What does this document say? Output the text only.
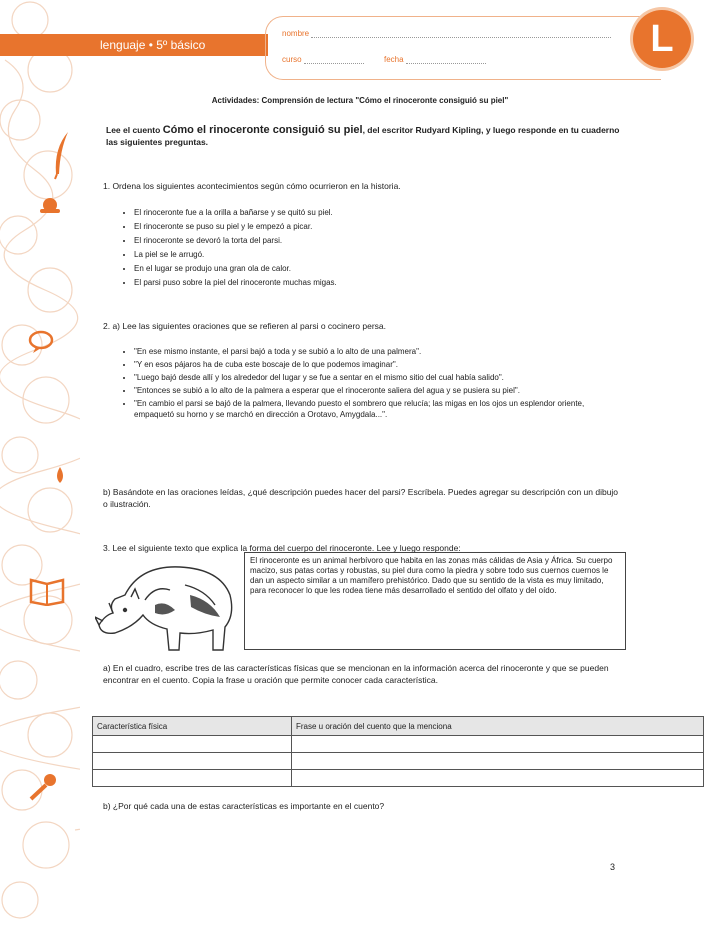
lenguaje • 5º básico
nombre
curso	fecha	L
Actividades: Comprensión de lectura "Cómo el rinoceronte consiguió su piel"
Lee el cuento Cómo el rinoceronte consiguió su piel, del escritor Rudyard Kipling, y luego responde en tu cuaderno las siguientes preguntas.
1. Ordena los siguientes acontecimientos según cómo ocurrieron en la historia.
• El rinoceronte fue a la orilla a bañarse y se quitó su piel.
• El rinoceronte se puso su piel y le empezó a picar.
• El rinoceronte se devoró la torta del parsi.
• La piel se le arrugó.
• En el lugar se produjo una gran ola de calor.
• El parsi puso sobre la piel del rinoceronte muchas migas.
2. a) Lee las siguientes oraciones que se refieren al parsi o cocinero persa.
• "En ese mismo instante, el parsi bajó a toda y se subió a lo alto de una palmera".
• "Y en esos pájaros ha de cuba este boscaje de lo que podemos imaginar".
• "Luego bajó desde allí y los alrededor del lugar y se fue a sentar en el mismo sitio del cual había salido".
• "Entonces se subió a lo alto de la palmera a esperar que el rinoceronte saliera del agua y se pusiera su piel".
• "En cambio el parsi se bajó de la palmera, llevando puesto el sombrero que relucía; las migas en los ojos un esplendor oriente, empaquetó su horno y se marchó en dirección a Orotavo, Amygdala...".
b) Basándote en las oraciones leídas, ¿qué descripción puedes hacer del parsi? Escríbela. Puedes agregar su descripción con un dibujo o ilustración.
3. Lee el siguiente texto que explica la forma del cuerpo del rinoceronte. Lee y luego responde:
El rinoceronte es un animal herbívoro que habita en las zonas más cálidas de Asia y África. Su cuerpo macizo, sus patas cortas y robustas, su piel dura como la piedra y sobre todo sus cuernos cuernos le dan un aspecto similar a un mamífero prehistórico. Dado que su sentido de la vista es muy limitado, para reconocer lo que les rodea tiene más desarrollado el sentido del olfato y del oído.
a) En el cuadro, escribe tres de las características físicas que se mencionan en la información acerca del rinoceronte y que se pueden encontrar en el cuento. Copia la frase u oración que permite conocer cada característica.
Característica física	Frase u oración del cuento que la menciona

b) ¿Por qué cada una de estas características es importante en el cuento?
3
